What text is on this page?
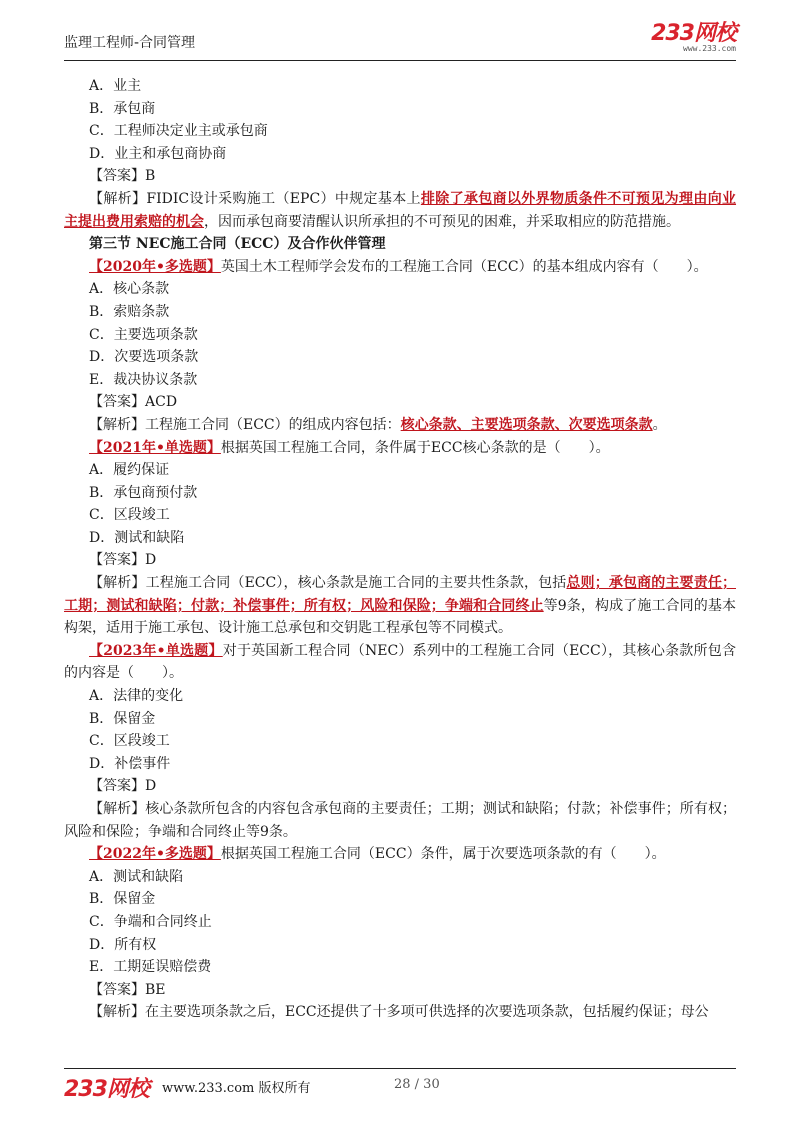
监理工程师-合同管理	233网校
www.233.com
A．业主
B．承包商
C．工程师决定业主或承包商
D．业主和承包商协商
【答案】B
【解析】FIDIC设计采购施工（EPC）中规定基本上排除了承包商以外界物质条件不可预见为理由向业主提出费用索赔的机会，因而承包商要清醒认识所承担的不可预见的困难，并采取相应的防范措施。
第三节 NEC施工合同（ECC）及合作伙伴管理
【2020年•多选题】英国土木工程师学会发布的工程施工合同（ECC）的基本组成内容有（　　）。
A．核心条款
B．索赔条款
C．主要选项条款
D．次要选项条款
E．裁决协议条款
【答案】ACD
【解析】工程施工合同（ECC）的组成内容包括：核心条款、主要选项条款、次要选项条款。
【2021年•单选题】根据英国工程施工合同，条件属于ECC核心条款的是（　　）。
A．履约保证
B．承包商预付款
C．区段竣工
D．测试和缺陷
【答案】D
【解析】工程施工合同（ECC），核心条款是施工合同的主要共性条款，包括总则；承包商的主要责任；工期；测试和缺陷；付款；补偿事件；所有权；风险和保险；争端和合同终止等9条，构成了施工合同的基本构架，适用于施工承包、设计施工总承包和交钥匙工程承包等不同模式。
【2023年•单选题】对于英国新工程合同（NEC）系列中的工程施工合同（ECC），其核心条款所包含的内容是（　　）。
A．法律的变化
B．保留金
C．区段竣工
D．补偿事件
【答案】D
【解析】核心条款所包含的内容包含承包商的主要责任；工期；测试和缺陷；付款；补偿事件；所有权；风险和保险；争端和合同终止等9条。
【2022年•多选题】根据英国工程施工合同（ECC）条件，属于次要选项条款的有（　　）。
A．测试和缺陷
B．保留金
C．争端和合同终止
D．所有权
E．工期延误赔偿费
【答案】BE
【解析】在主要选项条款之后，ECC还提供了十多项可供选择的次要选项条款，包括履约保证；母公
233网校 www.233.com 版权所有	28 / 30
